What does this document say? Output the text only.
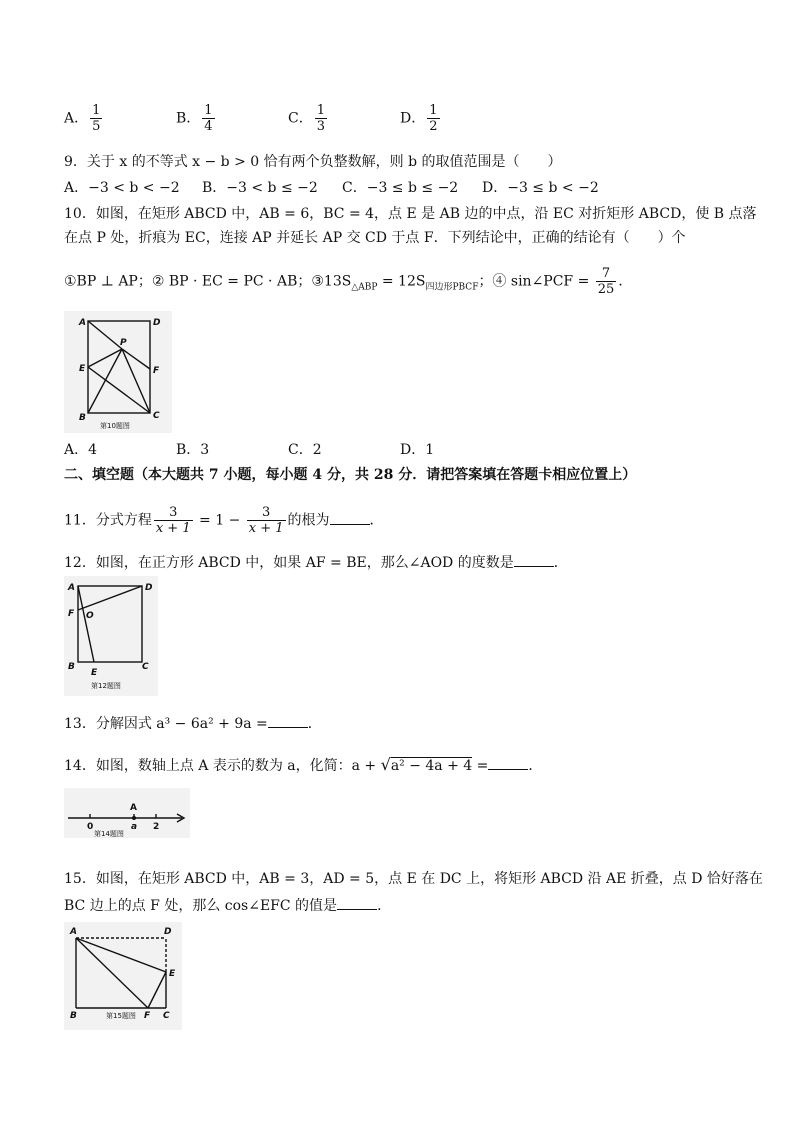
A． $\frac{1}{5}$	B． $\frac{1}{4}$	C． $\frac{1}{3}$	D． $\frac{1}{2}$
9．关于 x 的不等式 x − b > 0 恰有两个负整数解，则 b 的取值范围是（　　）
A．−3 < b < −2 B．−3 < b ≤ −2 C．−3 ≤ b ≤ −2 D．−3 ≤ b < −2
10．如图，在矩形 ABCD 中，AB = 6，BC = 4，点 E 是 AB 边的中点，沿 EC 对折矩形 ABCD，使 B 点落
在点 P 处，折痕为 EC，连接 AP 并延长 AP 交 CD 于点 F．下列结论中，正确的结论有（　　）个
①BP ⊥ AP；② BP · EC = PC · AB；$③13S_{\triangle ABP} = 12S_{四边形PBCF}$；④ sin∠PCF = $\frac{7}{25}$ ．
A	D
P
E	F
B	C
第10题图
A．4	B．3	C．2	D．1
二、填空题（本大题共 7 小题，每小题 4 分，共 28 分．请把答案填在答题卡相应位置上）
11．分式方程 $\frac{3}{x + 1} = 1 - \frac{3}{x + 1}$ 的根为	．
12．如图，在正方形 ABCD 中，如果 AF = BE，那么∠AOD 的度数是	．
A	D
F O
B
E
C
第12题图
13．分解因式 a³ − 6a² + 9a =	．
14．如图，数轴上点 A 表示的数为 a，化简：a + √a² − 4a + 4 =	．
A
0	a 2
第14题图
15．如图，在矩形 ABCD 中，AB = 3，AD = 5，点 E 在 DC 上，将矩形 ABCD 沿 AE 折叠，点 D 恰好落在
BC 边上的点 F 处，那么 cos∠EFC 的值是	．
A	D
E
B	F C
第15题图
